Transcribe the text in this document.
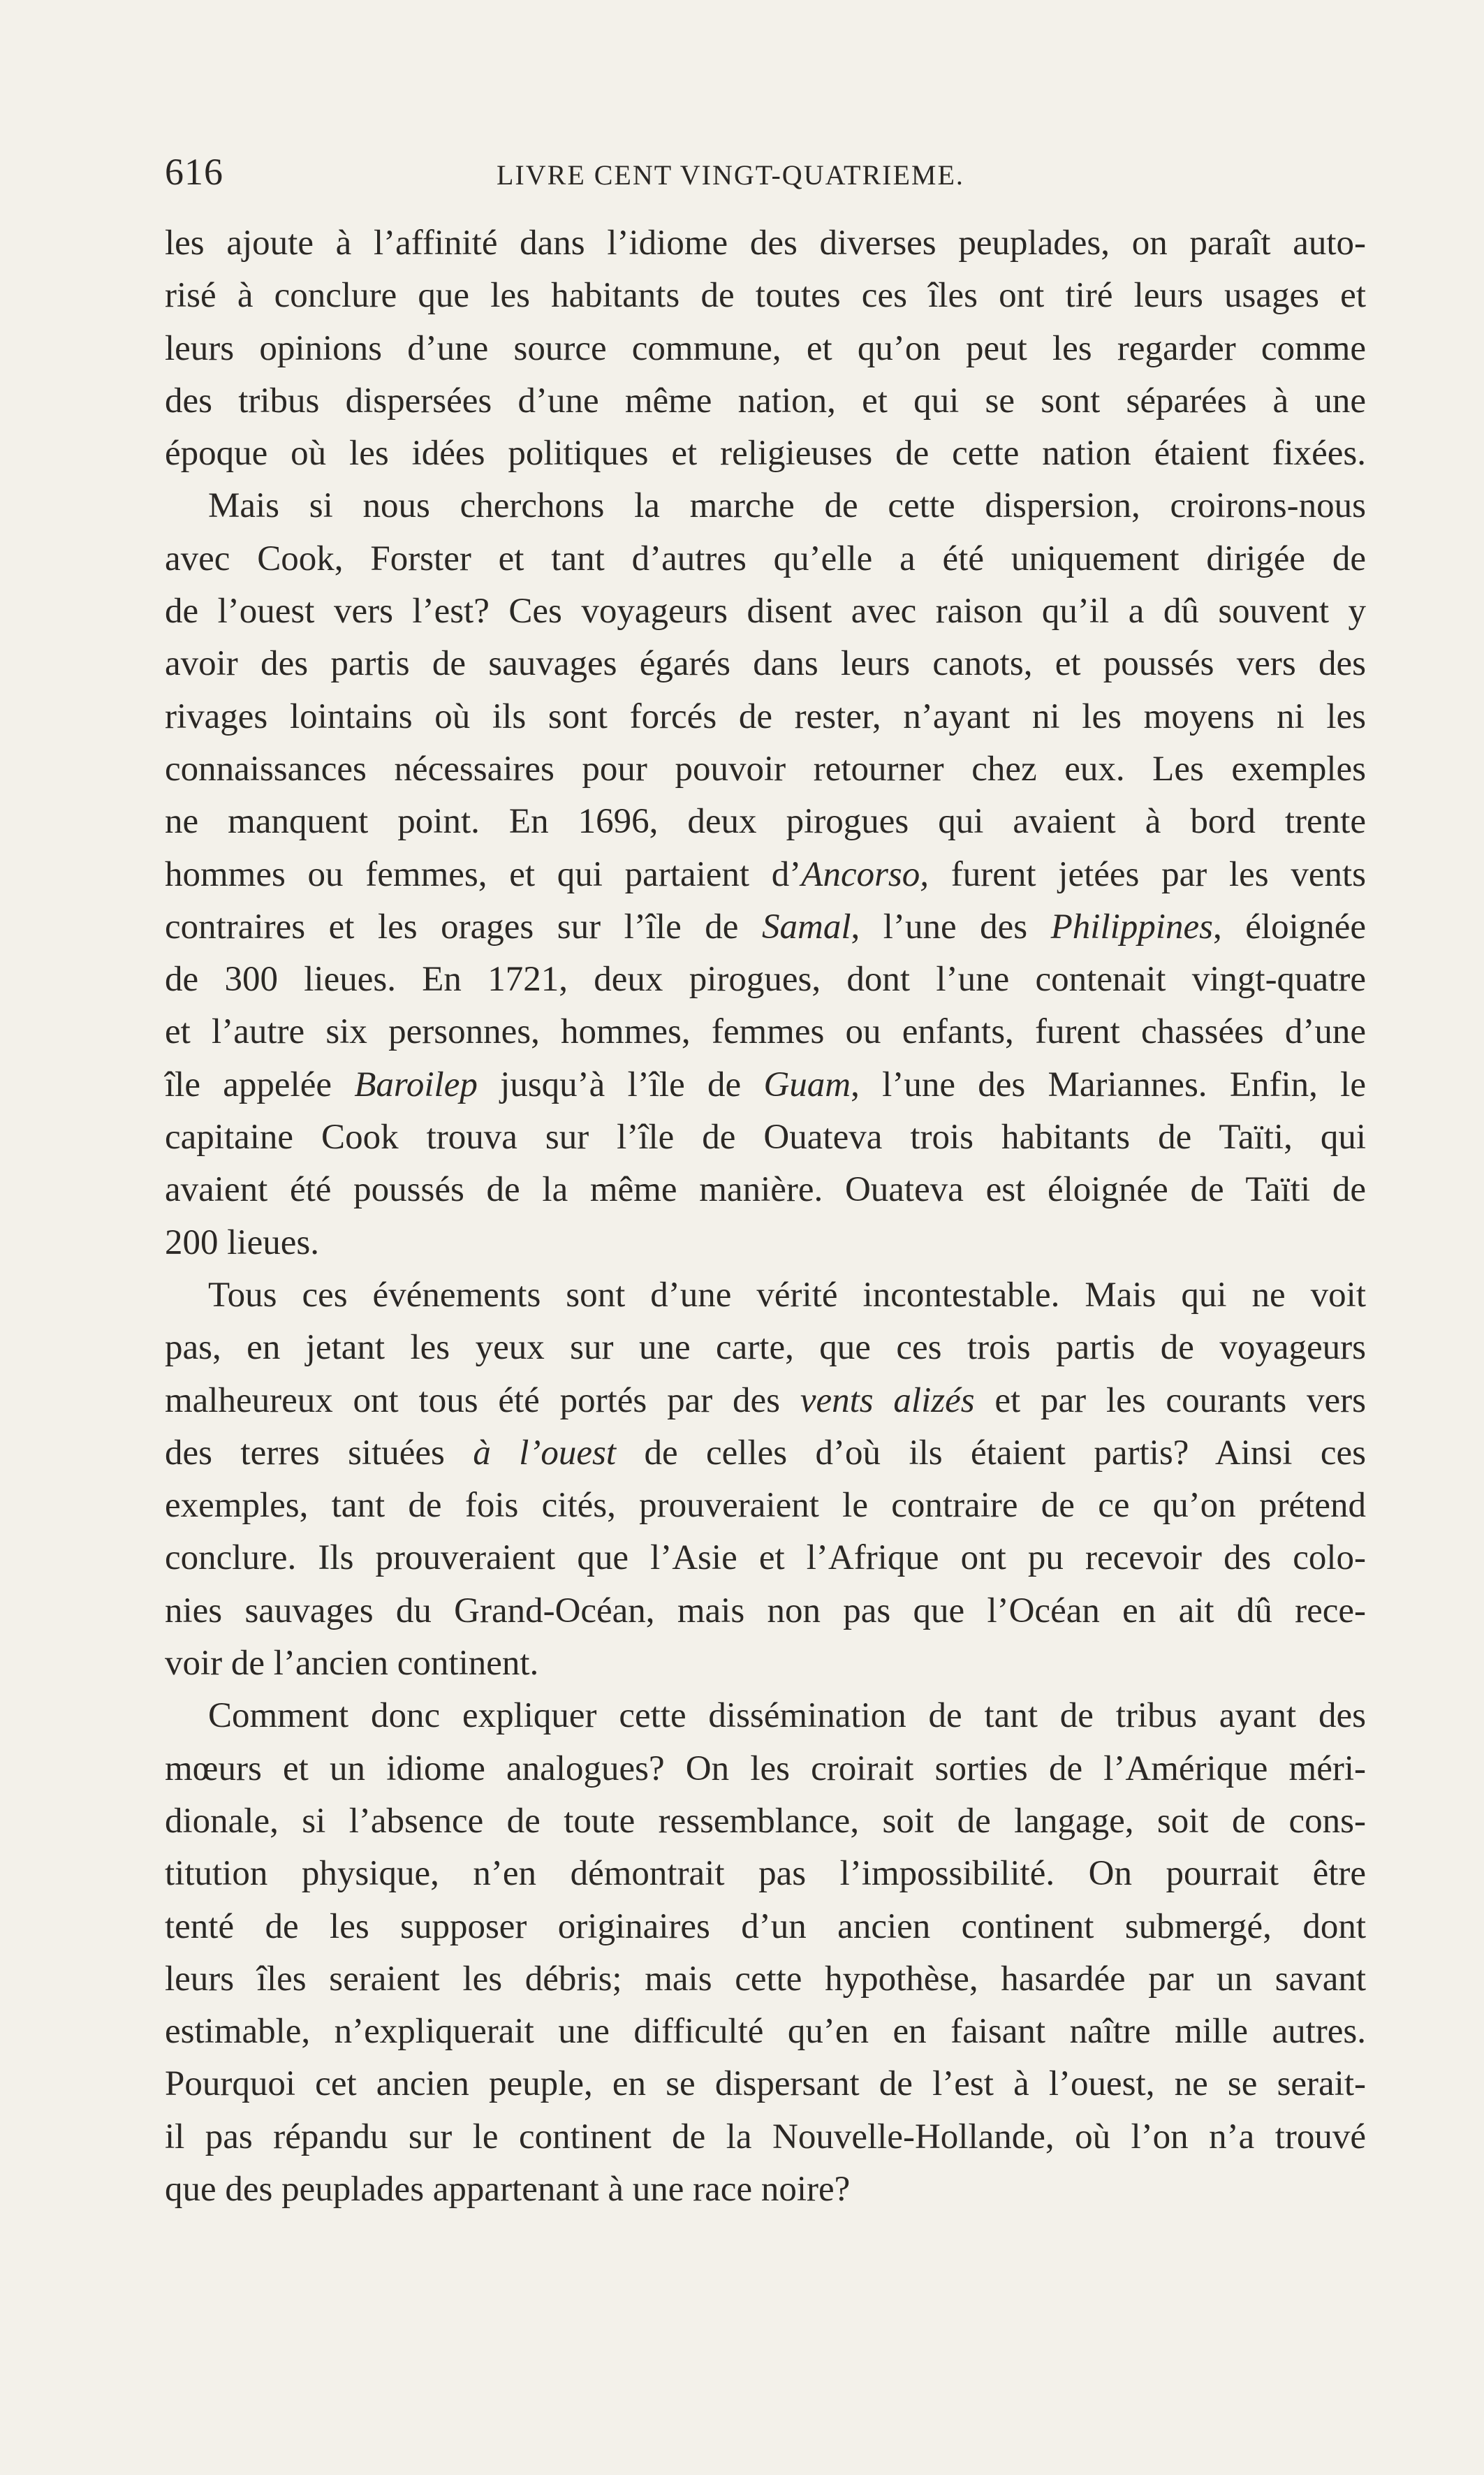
616	LIVRE CENT VINGT-QUATRIEME.
les ajoute à l’affinité dans l’idiome des diverses peuplades, on paraît auto-
risé à conclure que les habitants de toutes ces îles ont tiré leurs usages et
leurs opinions d’une source commune, et qu’on peut les regarder comme
des tribus dispersées d’une même nation, et qui se sont séparées à une
époque où les idées politiques et religieuses de cette nation étaient fixées.
Mais si nous cherchons la marche de cette dispersion, croirons-nous
avec Cook, Forster et tant d’autres qu’elle a été uniquement dirigée de
de l’ouest vers l’est? Ces voyageurs disent avec raison qu’il a dû souvent y
avoir des partis de sauvages égarés dans leurs canots, et poussés vers des
rivages lointains où ils sont forcés de rester, n’ayant ni les moyens ni les
connaissances nécessaires pour pouvoir retourner chez eux. Les exemples
ne manquent point. En 1696, deux pirogues qui avaient à bord trente
hommes ou femmes, et qui partaient d’Ancorso, furent jetées par les vents
contraires et les orages sur l’île de Samal, l’une des Philippines, éloignée
de 300 lieues. En 1721, deux pirogues, dont l’une contenait vingt-quatre
et l’autre six personnes, hommes, femmes ou enfants, furent chassées d’une
île appelée Baroilep jusqu’à l’île de Guam, l’une des Mariannes. Enfin, le
capitaine Cook trouva sur l’île de Ouateva trois habitants de Taïti, qui
avaient été poussés de la même manière. Ouateva est éloignée de Taïti de
200 lieues.
Tous ces événements sont d’une vérité incontestable. Mais qui ne voit
pas, en jetant les yeux sur une carte, que ces trois partis de voyageurs
malheureux ont tous été portés par des vents alizés et par les courants vers
des terres situées à l’ouest de celles d’où ils étaient partis? Ainsi ces
exemples, tant de fois cités, prouveraient le contraire de ce qu’on prétend
conclure. Ils prouveraient que l’Asie et l’Afrique ont pu recevoir des colo-
nies sauvages du Grand-Océan, mais non pas que l’Océan en ait dû rece-
voir de l’ancien continent.
Comment donc expliquer cette dissémination de tant de tribus ayant des
mœurs et un idiome analogues? On les croirait sorties de l’Amérique méri-
dionale, si l’absence de toute ressemblance, soit de langage, soit de cons-
titution physique, n’en démontrait pas l’impossibilité. On pourrait être
tenté de les supposer originaires d’un ancien continent submergé, dont
leurs îles seraient les débris; mais cette hypothèse, hasardée par un savant
estimable, n’expliquerait une difficulté qu’en en faisant naître mille autres.
Pourquoi cet ancien peuple, en se dispersant de l’est à l’ouest, ne se serait-
il pas répandu sur le continent de la Nouvelle-Hollande, où l’on n’a trouvé
que des peuplades appartenant à une race noire?
